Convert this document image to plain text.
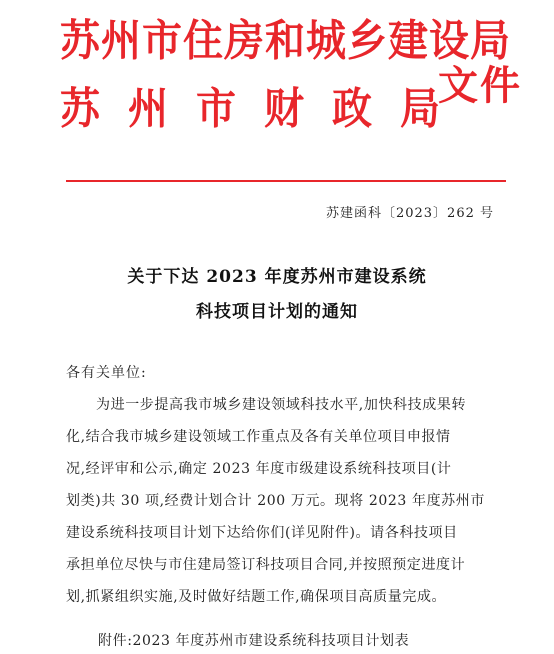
苏州市住房和城乡建设局
苏州市财政局
文件
苏建函科〔2023〕262 号
关于下达 2023 年度苏州市建设系统
科技项目计划的通知
各有关单位:
为进一步提高我市城乡建设领域科技水平,加快科技成果转
化,结合我市城乡建设领域工作重点及各有关单位项目申报情
况,经评审和公示,确定 2023 年度市级建设系统科技项目(计
划类)共 30 项,经费计划合计 200 万元。现将 2023 年度苏州市
建设系统科技项目计划下达给你们(详见附件)。请各科技项目
承担单位尽快与市住建局签订科技项目合同,并按照预定进度计
划,抓紧组织实施,及时做好结题工作,确保项目高质量完成。
附件:2023 年度苏州市建设系统科技项目计划表
